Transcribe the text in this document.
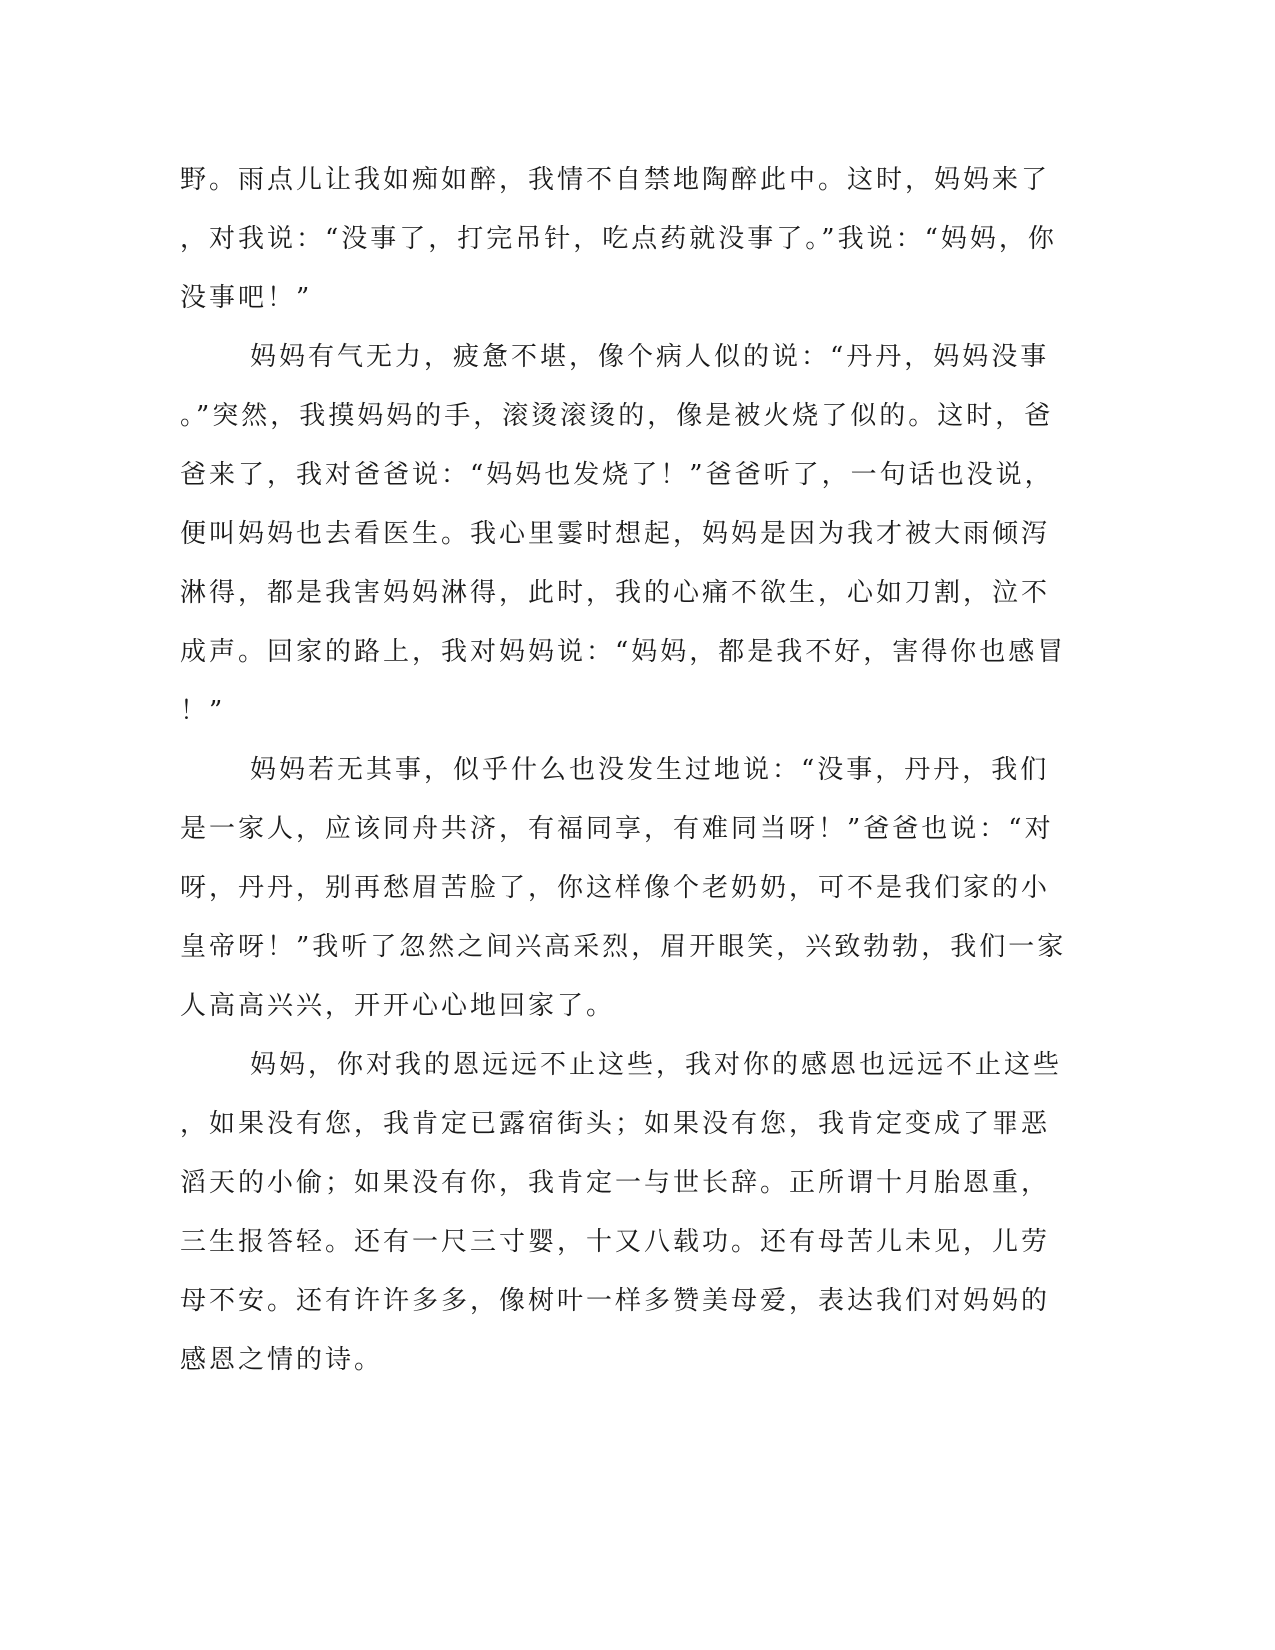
野。雨点儿让我如痴如醉，我情不自禁地陶醉此中。这时，妈妈来了
，对我说：“没事了，打完吊针，吃点药就没事了。”我说：“妈妈，你
没事吧！”
妈妈有气无力，疲惫不堪，像个病人似的说：“丹丹，妈妈没事
。”突然，我摸妈妈的手，滚烫滚烫的，像是被火烧了似的。这时，爸
爸来了，我对爸爸说：“妈妈也发烧了！”爸爸听了，一句话也没说，
便叫妈妈也去看医生。我心里霎时想起，妈妈是因为我才被大雨倾泻
淋得，都是我害妈妈淋得，此时，我的心痛不欲生，心如刀割，泣不
成声。回家的路上，我对妈妈说：“妈妈，都是我不好，害得你也感冒
！”
妈妈若无其事，似乎什么也没发生过地说：“没事，丹丹，我们
是一家人，应该同舟共济，有福同享，有难同当呀！”爸爸也说：“对
呀，丹丹，别再愁眉苦脸了，你这样像个老奶奶，可不是我们家的小
皇帝呀！”我听了忽然之间兴高采烈，眉开眼笑，兴致勃勃，我们一家
人高高兴兴，开开心心地回家了。
妈妈，你对我的恩远远不止这些，我对你的感恩也远远不止这些
，如果没有您，我肯定已露宿街头；如果没有您，我肯定变成了罪恶
滔天的小偷；如果没有你，我肯定一与世长辞。正所谓十月胎恩重，
三生报答轻。还有一尺三寸婴，十又八载功。还有母苦儿未见，儿劳
母不安。还有许许多多，像树叶一样多赞美母爱，表达我们对妈妈的
感恩之情的诗。
